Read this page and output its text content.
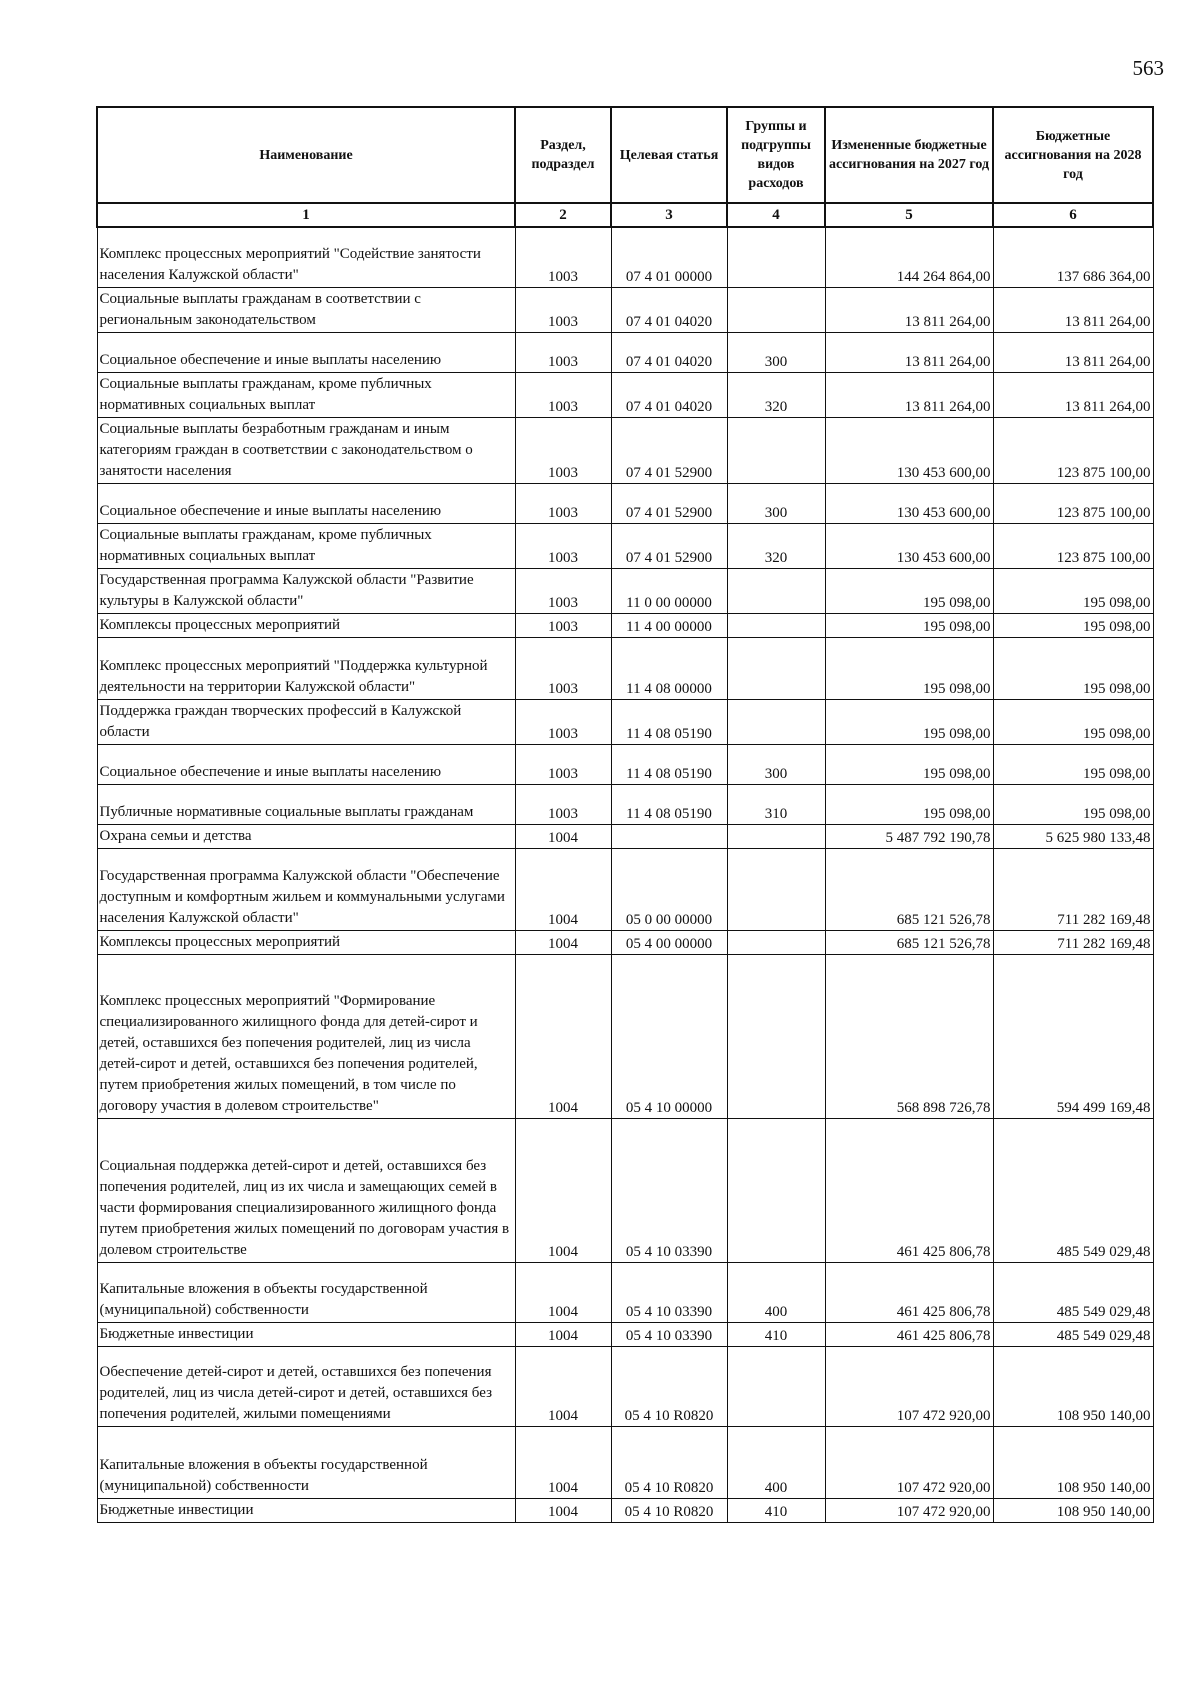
563
Наименование	Раздел, подраздел	Целевая статья	Группы и подгруппы видов расходов	Измененные бюджетные ассигнования на 2027 год	Бюджетные ассигнования на 2028 год
1	2	3	4	5	6
Комплекс процессных мероприятий "Содействие занятости населения Калужской области"	1003	07 4 01 00000		144 264 864,00	137 686 364,00
Социальные выплаты гражданам в соответствии с региональным законодательством	1003	07 4 01 04020		13 811 264,00	13 811 264,00
Социальное обеспечение и иные выплаты населению	1003	07 4 01 04020	300	13 811 264,00	13 811 264,00
Социальные выплаты гражданам, кроме публичных нормативных социальных выплат	1003	07 4 01 04020	320	13 811 264,00	13 811 264,00
Социальные выплаты безработным гражданам и иным категориям граждан в соответствии с законодательством о занятости населения	1003	07 4 01 52900		130 453 600,00	123 875 100,00
Социальное обеспечение и иные выплаты населению	1003	07 4 01 52900	300	130 453 600,00	123 875 100,00
Социальные выплаты гражданам, кроме публичных нормативных социальных выплат	1003	07 4 01 52900	320	130 453 600,00	123 875 100,00
Государственная программа Калужской области "Развитие культуры в Калужской области"	1003	11 0 00 00000		195 098,00	195 098,00
Комплексы процессных мероприятий	1003	11 4 00 00000		195 098,00	195 098,00
Комплекс процессных мероприятий "Поддержка культурной деятельности на территории Калужской области"	1003	11 4 08 00000		195 098,00	195 098,00
Поддержка граждан творческих профессий в Калужской области	1003	11 4 08 05190		195 098,00	195 098,00
Социальное обеспечение и иные выплаты населению	1003	11 4 08 05190	300	195 098,00	195 098,00
Публичные нормативные социальные выплаты гражданам	1003	11 4 08 05190	310	195 098,00	195 098,00
Охрана семьи и детства	1004			5 487 792 190,78	5 625 980 133,48
Государственная программа Калужской области "Обеспечение доступным и комфортным жильем и коммунальными услугами населения Калужской области"	1004	05 0 00 00000		685 121 526,78	711 282 169,48
Комплексы процессных мероприятий	1004	05 4 00 00000		685 121 526,78	711 282 169,48
Комплекс процессных мероприятий "Формирование специализированного жилищного фонда для детей-сирот и детей, оставшихся без попечения родителей, лиц из числа детей-сирот и детей, оставшихся без попечения родителей, путем приобретения жилых помещений, в том числе по договору участия в долевом строительстве"	1004	05 4 10 00000		568 898 726,78	594 499 169,48
Социальная поддержка детей-сирот и детей, оставшихся без попечения родителей, лиц из их числа и замещающих семей в части формирования специализированного жилищного фонда путем приобретения жилых помещений по договорам участия в долевом строительстве	1004	05 4 10 03390		461 425 806,78	485 549 029,48
Капитальные вложения в объекты государственной (муниципальной) собственности	1004	05 4 10 03390	400	461 425 806,78	485 549 029,48
Бюджетные инвестиции	1004	05 4 10 03390	410	461 425 806,78	485 549 029,48
Обеспечение детей-сирот и детей, оставшихся без попечения родителей, лиц из числа детей-сирот и детей, оставшихся без попечения родителей, жилыми помещениями	1004	05 4 10 R0820		107 472 920,00	108 950 140,00
Капитальные вложения в объекты государственной (муниципальной) собственности	1004	05 4 10 R0820	400	107 472 920,00	108 950 140,00
Бюджетные инвестиции	1004	05 4 10 R0820	410	107 472 920,00	108 950 140,00
